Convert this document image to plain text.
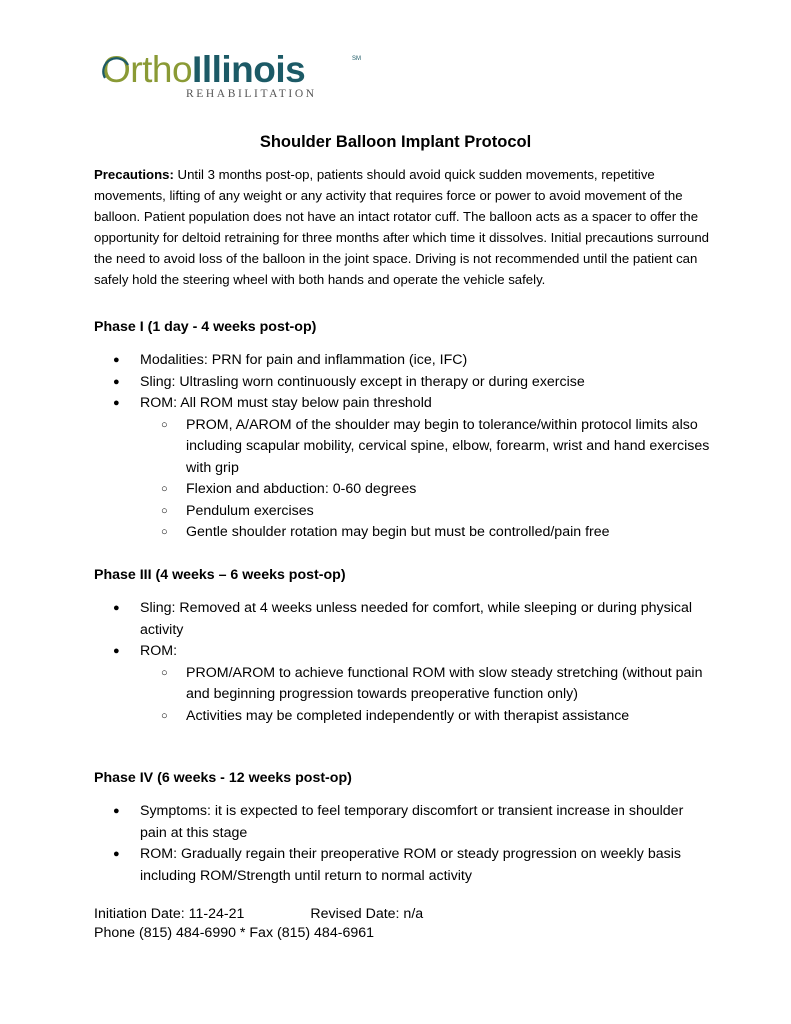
OrthoIllinois	SM
REHABILITATION
Shoulder Balloon Implant Protocol
Precautions: Until 3 months post-op, patients should avoid quick sudden movements, repetitive movements, lifting of any weight or any activity that requires force or power to avoid movement of the balloon. Patient population does not have an intact rotator cuff. The balloon acts as a spacer to offer the opportunity for deltoid retraining for three months after which time it dissolves. Initial precautions surround the need to avoid loss of the balloon in the joint space. Driving is not recommended until the patient can safely hold the steering wheel with both hands and operate the vehicle safely.
Phase I (1 day - 4 weeks post-op)
● Modalities: PRN for pain and inflammation (ice, IFC)
● Sling: Ultrasling worn continuously except in therapy or during exercise
● ROM: All ROM must stay below pain threshold
○ PROM, A/AROM of the shoulder may begin to tolerance/within protocol limits also including scapular mobility, cervical spine, elbow, forearm, wrist and hand exercises with grip
○ Flexion and abduction: 0-60 degrees
○ Pendulum exercises
○ Gentle shoulder rotation may begin but must be controlled/pain free
Phase III (4 weeks – 6 weeks post-op)
● Sling: Removed at 4 weeks unless needed for comfort, while sleeping or during physical activity
● ROM:
○ PROM/AROM to achieve functional ROM with slow steady stretching (without pain and beginning progression towards preoperative function only)
○ Activities may be completed independently or with therapist assistance
Phase IV (6 weeks - 12 weeks post-op)
● Symptoms: it is expected to feel temporary discomfort or transient increase in shoulder pain at this stage
● ROM: Gradually regain their preoperative ROM or steady progression on weekly basis including ROM/Strength until return to normal activity
Initiation Date: 11-24-21	Revised Date: n/a
Phone (815) 484-6990 * Fax (815) 484-6961
